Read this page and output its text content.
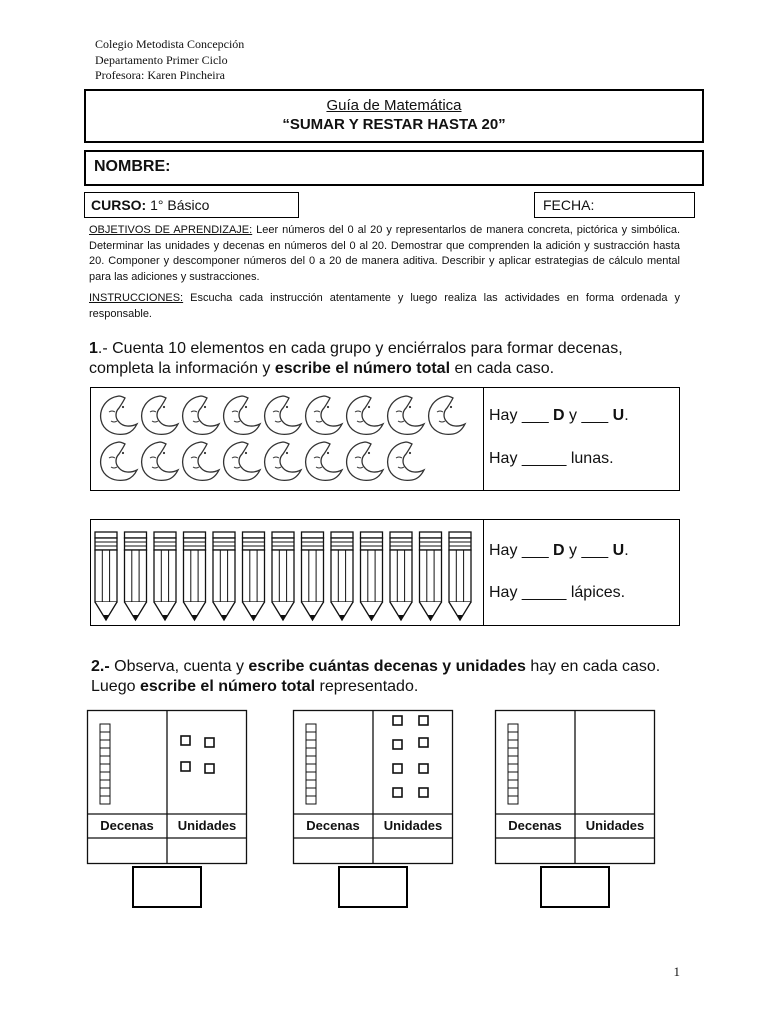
Colegio Metodista Concepción
Departamento Primer Ciclo
Profesora: Karen Pincheira
Guía de Matemática
“SUMAR Y RESTAR HASTA 20”
NOMBRE:
CURSO: 1° Básico	FECHA:
OBJETIVOS DE APRENDIZAJE: Leer números del 0 al 20 y representarlos de manera concreta, pictórica y simbólica. Determinar las unidades y decenas en números del 0 al 20. Demostrar que comprenden la adición y sustracción hasta 20. Componer y descomponer números del 0 a 20 de manera aditiva. Describir y aplicar estrategias de cálculo mental para las adiciones y sustracciones.
INSTRUCCIONES: Escucha cada instrucción atentamente y luego realiza las actividades en forma ordenada y responsable.
1.- Cuenta 10 elementos en cada grupo y enciérralos para formar decenas, completa la información y escribe el número total en cada caso.
Hay ___ D y ___ U.
Hay _____ lunas.
Hay ___ D y ___ U.
Hay _____ lápices.
2.- Observa, cuenta y escribe cuántas decenas y unidades hay en cada caso. Luego escribe el número total representado.
Decenas	Unidades	Decenas	Unidades	Decenas	Unidades
1
